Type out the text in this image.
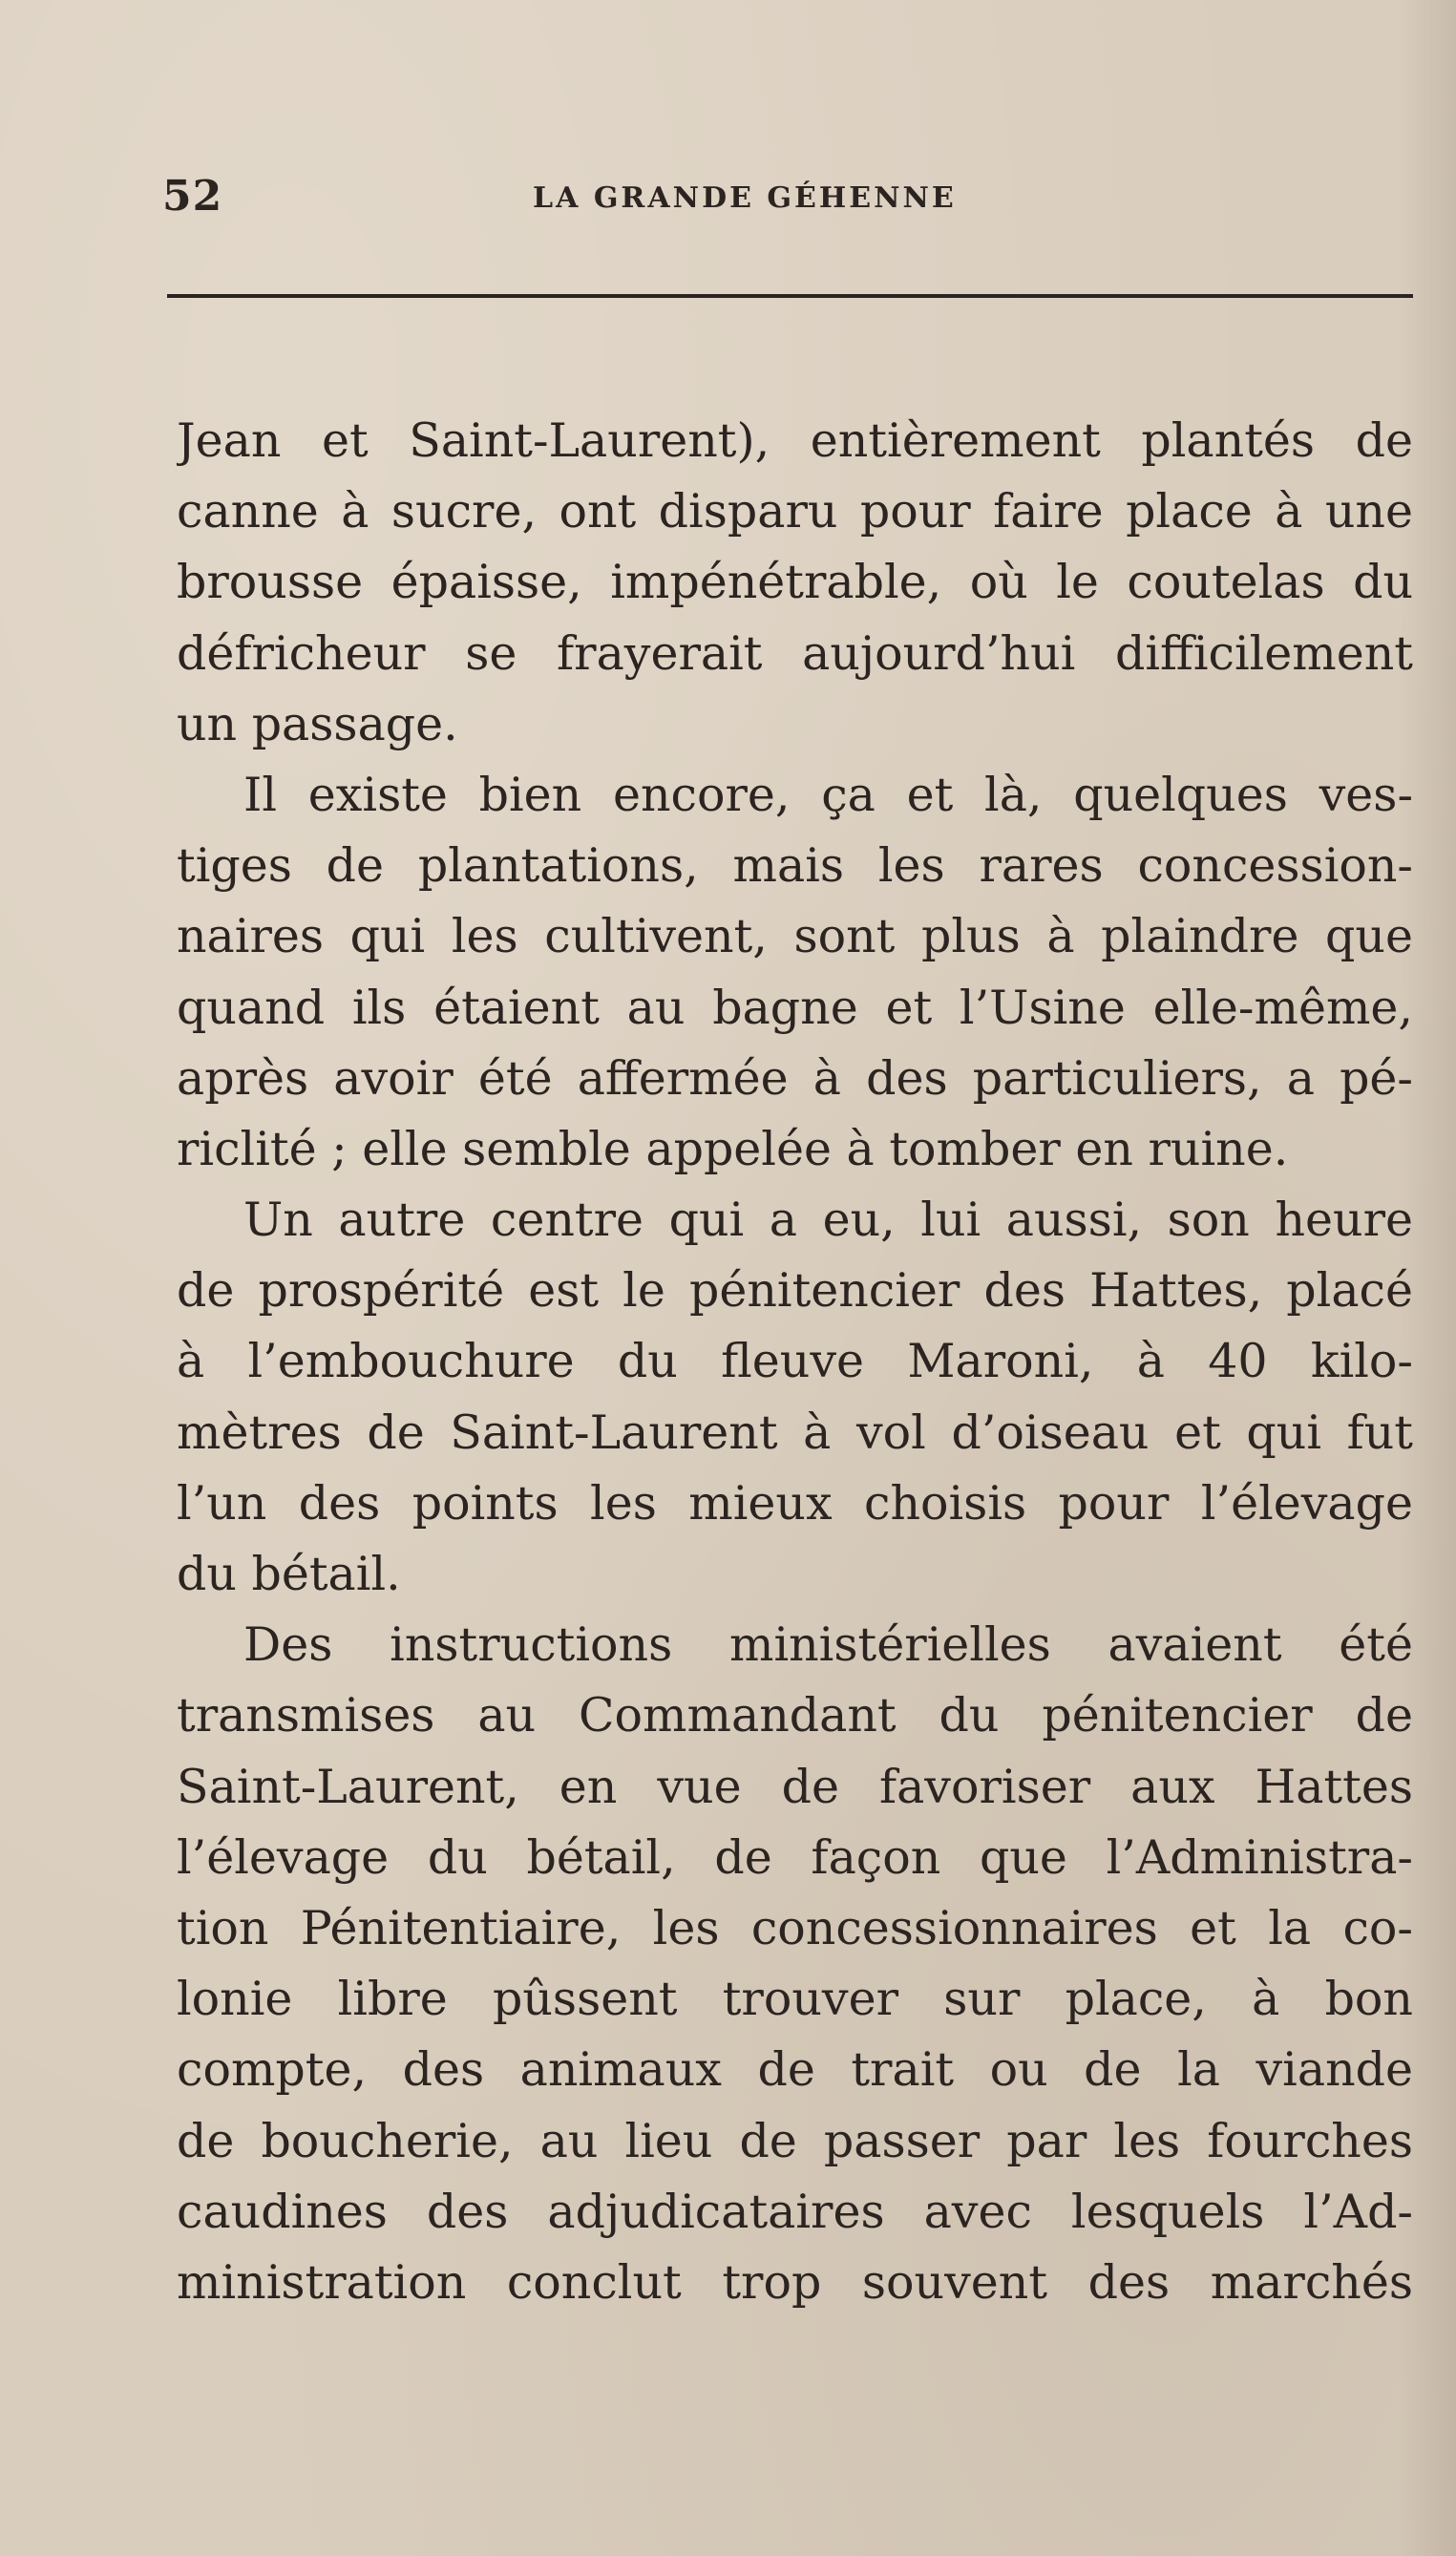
52	LA GRANDE GÉHENNE
Jean et Saint-Laurent), entièrement plantés de
canne à sucre, ont disparu pour faire place à une
brousse épaisse, impénétrable, où le coutelas du
défricheur se frayerait aujourd’hui difficilement
un passage.
Il existe bien encore, ça et là, quelques ves-
tiges de plantations, mais les rares concession-
naires qui les cultivent, sont plus à plaindre que
quand ils étaient au bagne et l’Usine elle-même,
après avoir été affermée à des particuliers, a pé-
riclité ; elle semble appelée à tomber en ruine.
Un autre centre qui a eu, lui aussi, son heure
de prospérité est le pénitencier des Hattes, placé
à l’embouchure du fleuve Maroni, à 40 kilo-
mètres de Saint-Laurent à vol d’oiseau et qui fut
l’un des points les mieux choisis pour l’élevage
du bétail.
Des instructions ministérielles avaient été
transmises au Commandant du pénitencier de
Saint-Laurent, en vue de favoriser aux Hattes
l’élevage du bétail, de façon que l’Administra-
tion Pénitentiaire, les concessionnaires et la co-
lonie libre pûssent trouver sur place, à bon
compte, des animaux de trait ou de la viande
de boucherie, au lieu de passer par les fourches
caudines des adjudicataires avec lesquels l’Ad-
ministration conclut trop souvent des marchés
